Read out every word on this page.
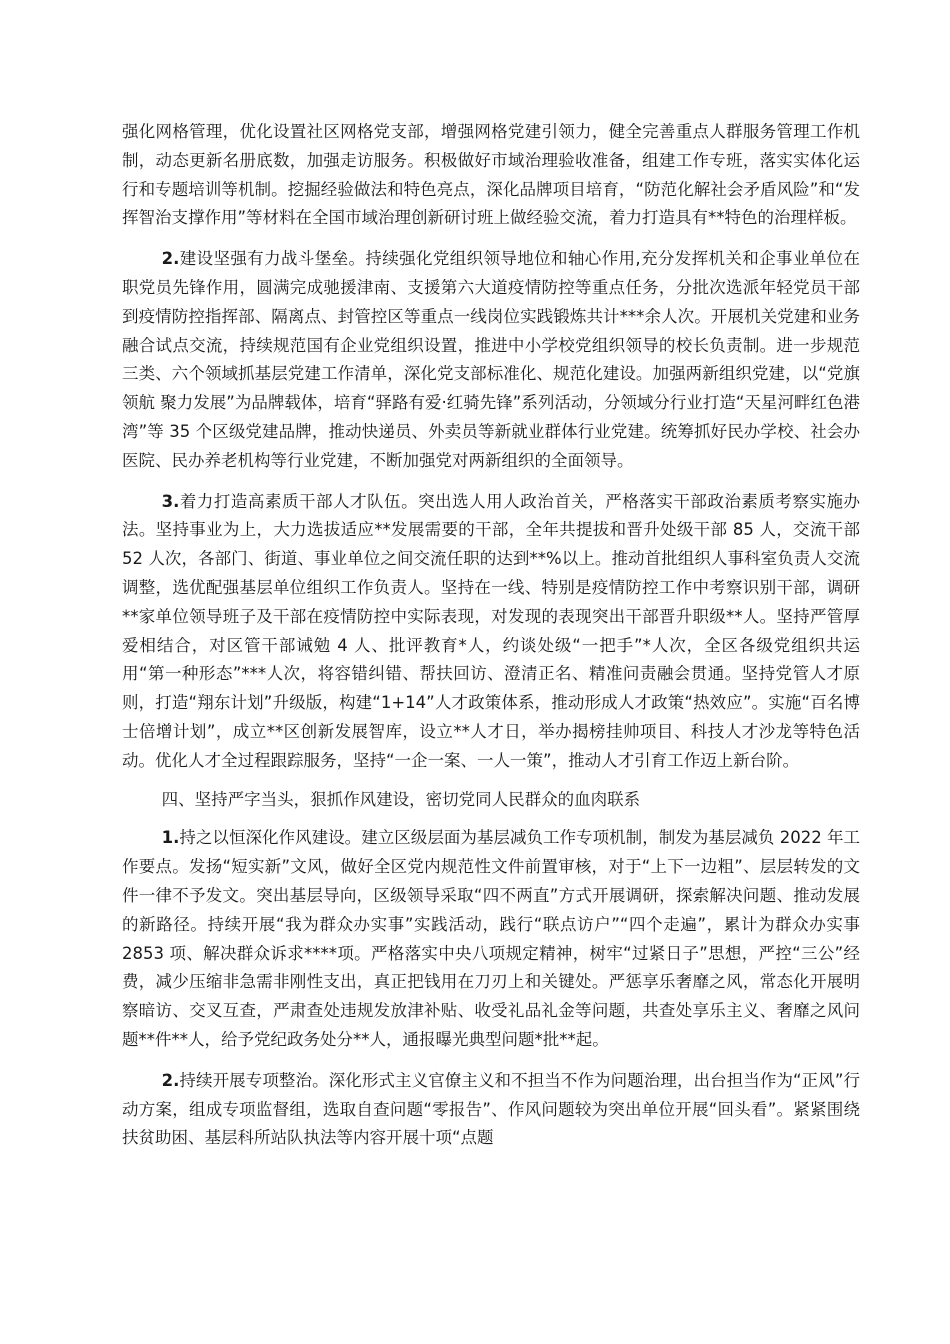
强化网格管理，优化设置社区网格党支部，增强网格党建引领力，健全完善重点人群服务管理工作机制，动态更新名册底数，加强走访服务。积极做好市域治理验收准备，组建工作专班，落实实体化运行和专题培训等机制。挖掘经验做法和特色亮点，深化品牌项目培育，“防范化解社会矛盾风险”和“发挥智治支撑作用”等材料在全国市域治理创新研讨班上做经验交流，着力打造具有**特色的治理样板。

2.建设坚强有力战斗堡垒。持续强化党组织领导地位和轴心作用,充分发挥机关和企事业单位在职党员先锋作用，圆满完成驰援津南、支援第六大道疫情防控等重点任务，分批次选派年轻党员干部到疫情防控指挥部、隔离点、封管控区等重点一线岗位实践锻炼共计***余人次。开展机关党建和业务融合试点交流，持续规范国有企业党组织设置，推进中小学校党组织领导的校长负责制。进一步规范三类、六个领域抓基层党建工作清单，深化党支部标准化、规范化建设。加强两新组织党建，以“党旗领航 聚力发展”为品牌载体，培育“驿路有爱·红骑先锋”系列活动，分领域分行业打造“天星河畔红色港湾”等 35 个区级党建品牌，推动快递员、外卖员等新就业群体行业党建。统筹抓好民办学校、社会办医院、民办养老机构等行业党建，不断加强党对两新组织的全面领导。

3.着力打造高素质干部人才队伍。突出选人用人政治首关，严格落实干部政治素质考察实施办法。坚持事业为上，大力选拔适应**发展需要的干部，全年共提拔和晋升处级干部 85 人，交流干部 52 人次，各部门、街道、事业单位之间交流任职的达到**%以上。推动首批组织人事科室负责人交流调整，选优配强基层单位组织工作负责人。坚持在一线、特别是疫情防控工作中考察识别干部，调研**家单位领导班子及干部在疫情防控中实际表现，对发现的表现突出干部晋升职级**人。坚持严管厚爱相结合，对区管干部诫勉 4 人、批评教育*人，约谈处级“一把手”*人次，全区各级党组织共运用“第一种形态”***人次，将容错纠错、帮扶回访、澄清正名、精准问责融会贯通。坚持党管人才原则，打造“翔东计划”升级版，构建“1+14”人才政策体系，推动形成人才政策“热效应”。实施“百名博士倍增计划”，成立**区创新发展智库，设立**人才日，举办揭榜挂帅项目、科技人才沙龙等特色活动。优化人才全过程跟踪服务，坚持“一企一案、一人一策”，推动人才引育工作迈上新台阶。

四、坚持严字当头，狠抓作风建设，密切党同人民群众的血肉联系

1.持之以恒深化作风建设。建立区级层面为基层减负工作专项机制，制发为基层减负 2022 年工作要点。发扬“短实新”文风，做好全区党内规范性文件前置审核，对于“上下一边粗”、层层转发的文件一律不予发文。突出基层导向，区级领导采取“四不两直”方式开展调研，探索解决问题、推动发展的新路径。持续开展“我为群众办实事”实践活动，践行“联点访户”“四个走遍”，累计为群众办实事 2853 项、解决群众诉求****项。严格落实中央八项规定精神，树牢“过紧日子”思想，严控“三公”经费，减少压缩非急需非刚性支出，真正把钱用在刀刃上和关键处。严惩享乐奢靡之风，常态化开展明察暗访、交叉互查，严肃查处违规发放津补贴、收受礼品礼金等问题，共查处享乐主义、奢靡之风问题**件**人，给予党纪政务处分**人，通报曝光典型问题*批**起。

2.持续开展专项整治。深化形式主义官僚主义和不担当不作为问题治理，出台担当作为“正风”行动方案，组成专项监督组，选取自查问题“零报告”、作风问题较为突出单位开展“回头看”。紧紧围绕扶贫助困、基层科所站队执法等内容开展十项“点题
